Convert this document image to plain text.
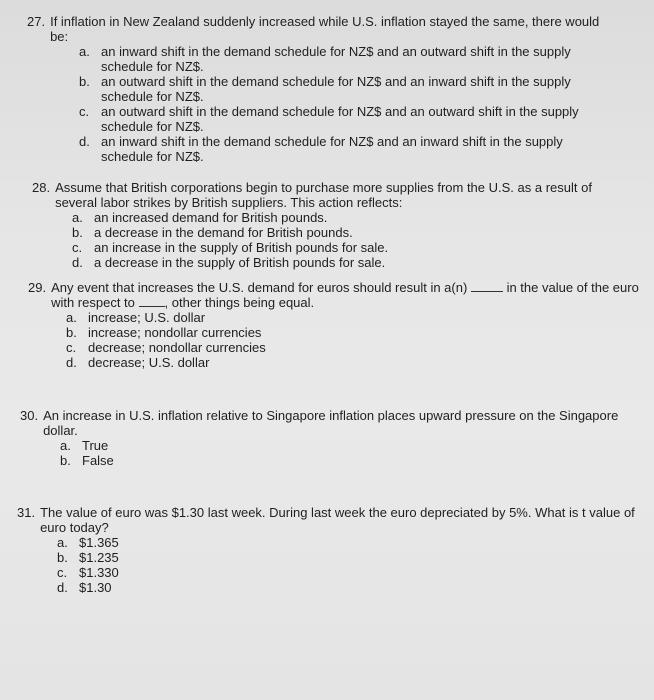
27. If inflation in New Zealand suddenly increased while U.S. inflation stayed the same, there would be:
a. an inward shift in the demand schedule for NZ$ and an outward shift in the supply schedule for NZ$.
b. an outward shift in the demand schedule for NZ$ and an inward shift in the supply schedule for NZ$.
c. an outward shift in the demand schedule for NZ$ and an outward shift in the supply schedule for NZ$.
d. an inward shift in the demand schedule for NZ$ and an inward shift in the supply schedule for NZ$.
28. Assume that British corporations begin to purchase more supplies from the U.S. as a result of several labor strikes by British suppliers. This action reflects:
a. an increased demand for British pounds.
b. a decrease in the demand for British pounds.
c. an increase in the supply of British pounds for sale.
d. a decrease in the supply of British pounds for sale.
29. Any event that increases the U.S. demand for euros should result in a(n)	in the value of the euro with respect to , other things being equal.
a. increase; U.S. dollar
b. increase; nondollar currencies
c. decrease; nondollar currencies
d. decrease; U.S. dollar
30. An increase in U.S. inflation relative to Singapore inflation places upward pressure on the Singapore dollar.
a. True
b. False
31. The value of euro was $1.30 last week. During last week the euro depreciated by 5%. What is t value of euro today?
a. $1.365
b. $1.235
c. $1.330
d. $1.30
